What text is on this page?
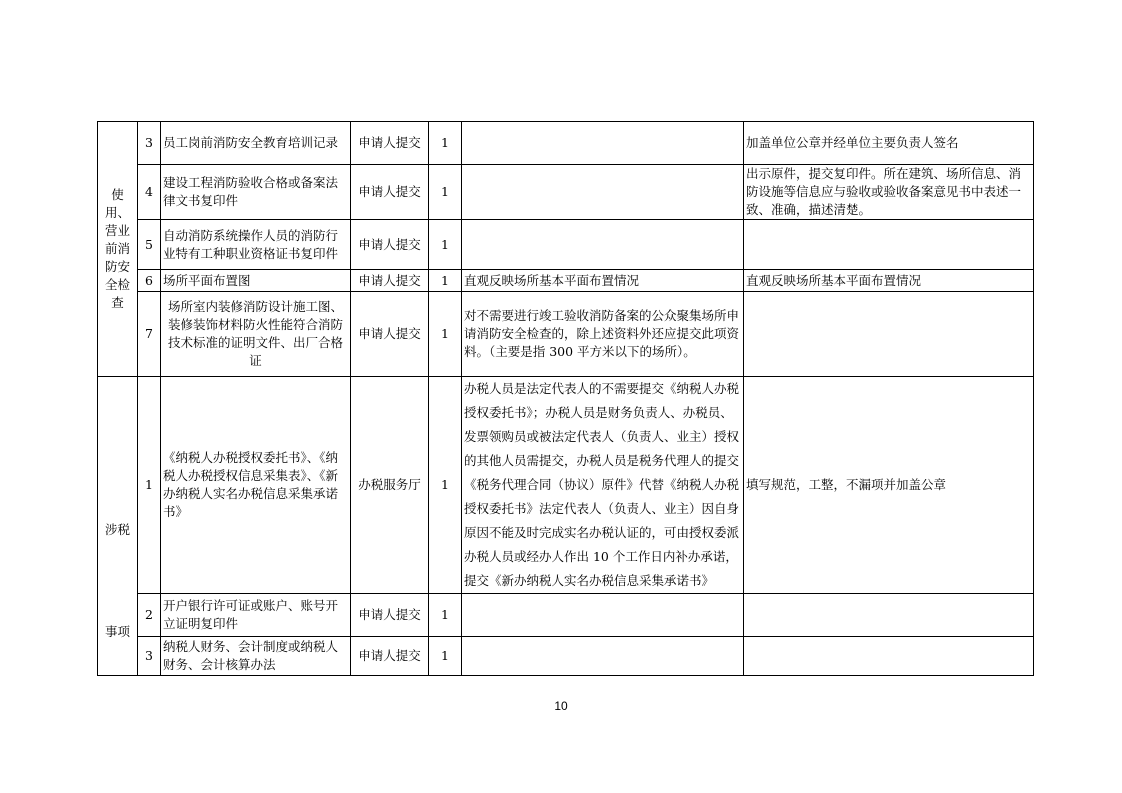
使用、营业前消防安全检查	3	员工岗前消防安全教育培训记录	申请人提交	1		加盖单位公章并经单位主要负责人签名
	4	建设工程消防验收合格或备案法律文书复印件	申请人提交	1		出示原件，提交复印件。所在建筑、场所信息、消防设施等信息应与验收或验收备案意见书中表述一致、准确，描述清楚。
	5	自动消防系统操作人员的消防行业特有工种职业资格证书复印件	申请人提交	1		
	6	场所平面布置图	申请人提交	1	直观反映场所基本平面布置情况	直观反映场所基本平面布置情况
	7	场所室内装修消防设计施工图、装修装饰材料防火性能符合消防技术标准的证明文件、出厂合格证	申请人提交	1	对不需要进行竣工验收消防备案的公众聚集场所申请消防安全检查的，除上述资料外还应提交此项资料。（主要是指 300 平方米以下的场所）。	

涉税
事项	1	《纳税人办税授权委托书》、《纳税人办税授权信息采集表》、《新办纳税人实名办税信息采集承诺书》	办税服务厅	1	办税人员是法定代表人的不需要提交《纳税人办税授权委托书》；办税人员是财务负责人、办税员、发票领购员或被法定代表人（负责人、业主）授权的其他人员需提交，办税人员是税务代理人的提交《税务代理合同（协议）原件》代替《纳税人办税授权委托书》法定代表人（负责人、业主）因自身原因不能及时完成实名办税认证的，可由授权委派办税人员或经办人作出 10 个工作日内补办承诺，提交《新办纳税人实名办税信息采集承诺书》	填写规范，工整，不漏项并加盖公章
	2	开户银行许可证或账户、账号开立证明复印件	申请人提交	1		
	3	纳税人财务、会计制度或纳税人财务、会计核算办法	申请人提交	1		
10
